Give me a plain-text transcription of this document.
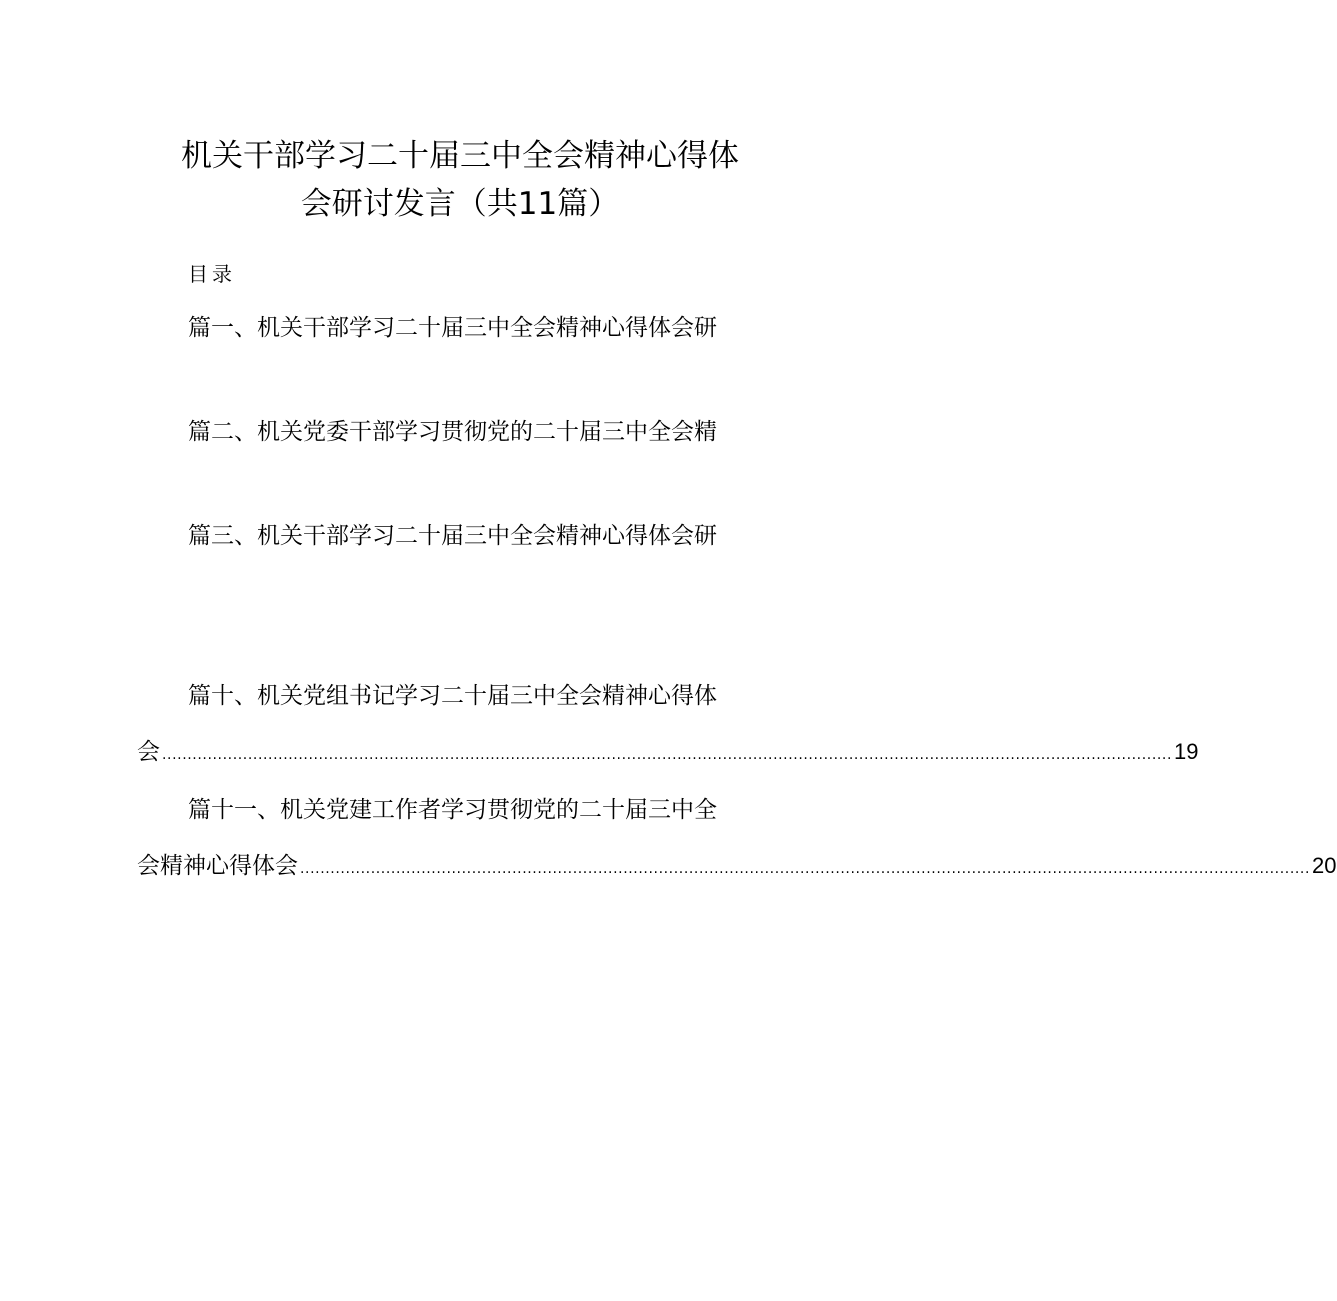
机关干部学习二十届三中全会精神心得体
会研讨发言（共11篇）
目录
篇一、机关干部学习二十届三中全会精神心得体会研
篇二、机关党委干部学习贯彻党的二十届三中全会精
篇三、机关干部学习二十届三中全会精神心得体会研
篇十、机关党组书记学习二十届三中全会精神心得体
会 ........................................................................................................................................................................................................ 19
篇十一、机关党建工作者学习贯彻党的二十届三中全
会精神心得体会 ........................................................................................................................................................................................................ 20
